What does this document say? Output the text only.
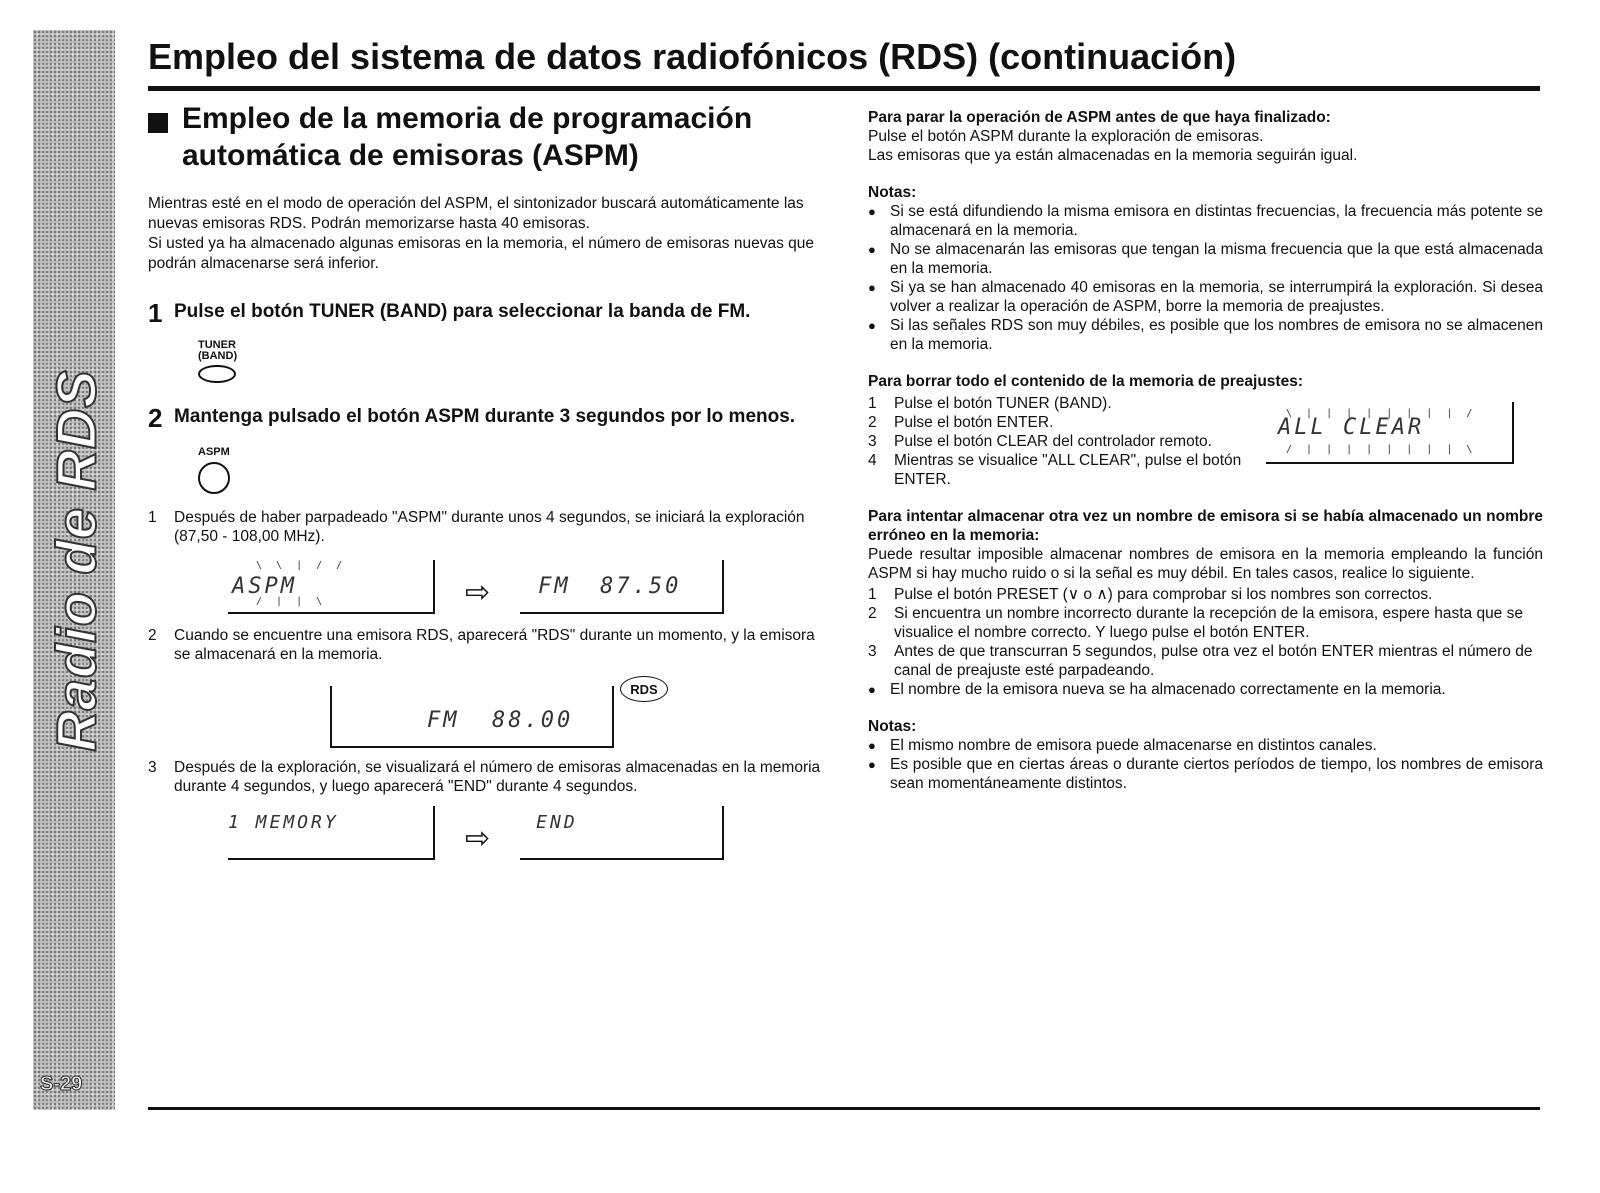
Radio de RDS
S-29
Empleo del sistema de datos radiofónicos (RDS) (continuación)
Empleo de la memoria de programación
automática de emisoras (ASPM)

Mientras esté en el modo de operación del ASPM, el sintonizador buscará automáticamente las nuevas emisoras RDS. Podrán memorizarse hasta 40 emisoras.

Si usted ya ha almacenado algunas emisoras en la memoria, el número de emisoras nuevas que podrán almacenarse será inferior.

1 Pulse el botón TUNER (BAND) para seleccionar la banda de FM.
TUNER
(BAND)
2 Mantenga pulsado el botón ASPM durante 3 segundos por lo menos.
ASPM
1	Después de haber parpadeado "ASPM" durante unos 4 segundos, se iniciará la exploración (87,50 - 108,00 MHz).
\ \ | / /
ASPM
/ | | \	⇨ FM 87.50
2	Cuando se encuentre una emisora RDS, aparecerá "RDS" durante un momento, y la emisora se almacenará en la memoria.
FM 88.00
RDS
3	Después de la exploración, se visualizará el número de emisoras almacenadas en la memoria durante 4 segundos, y luego aparecerá "END" durante 4 segundos.
1 MEMORY	⇨	END

Para parar la operación de ASPM antes de que haya finalizado:

Pulse el botón ASPM durante la exploración de emisoras.

Las emisoras que ya están almacenadas en la memoria seguirán igual.

Notas:

● Si se está difundiendo la misma emisora en distintas frecuencias, la frecuencia más potente se almacenará en la memoria.
● No se almacenarán las emisoras que tengan la misma frecuencia que la que está almacenada en la memoria.
● Si ya se han almacenado 40 emisoras en la memoria, se interrumpirá la exploración. Si desea volver a realizar la operación de ASPM, borre la memoria de preajustes.
● Si las señales RDS son muy débiles, es posible que los nombres de emisora no se almacenen en la memoria.

Para borrar todo el contenido de la memoria de preajustes:

1	Pulse el botón TUNER (BAND).
2	Pulse el botón ENTER.
3	Pulse el botón CLEAR del controlador remoto.
4	Mientras se visualice "ALL CLEAR", pulse el botón ENTER.
\ | | | | | | | | /
ALL CLEAR
/ | | | | | | | | \

Para intentar almacenar otra vez un nombre de emisora si se había almacenado un nombre erróneo en la memoria:

Puede resultar imposible almacenar nombres de emisora en la memoria empleando la función ASPM si hay mucho ruido o si la señal es muy débil. En tales casos, realice lo siguiente.

1	Pulse el botón PRESET (∨ o ∧) para comprobar si los nombres son correctos.
2	Si encuentra un nombre incorrecto durante la recepción de la emisora, espere hasta que se visualice el nombre correcto. Y luego pulse el botón ENTER.
3	Antes de que transcurran 5 segundos, pulse otra vez el botón ENTER mientras el número de canal de preajuste esté parpadeando.
● El nombre de la emisora nueva se ha almacenado correctamente en la memoria.

Notas:

● El mismo nombre de emisora puede almacenarse en distintos canales.
● Es posible que en ciertas áreas o durante ciertos períodos de tiempo, los nombres de emisora sean momentáneamente distintos.
